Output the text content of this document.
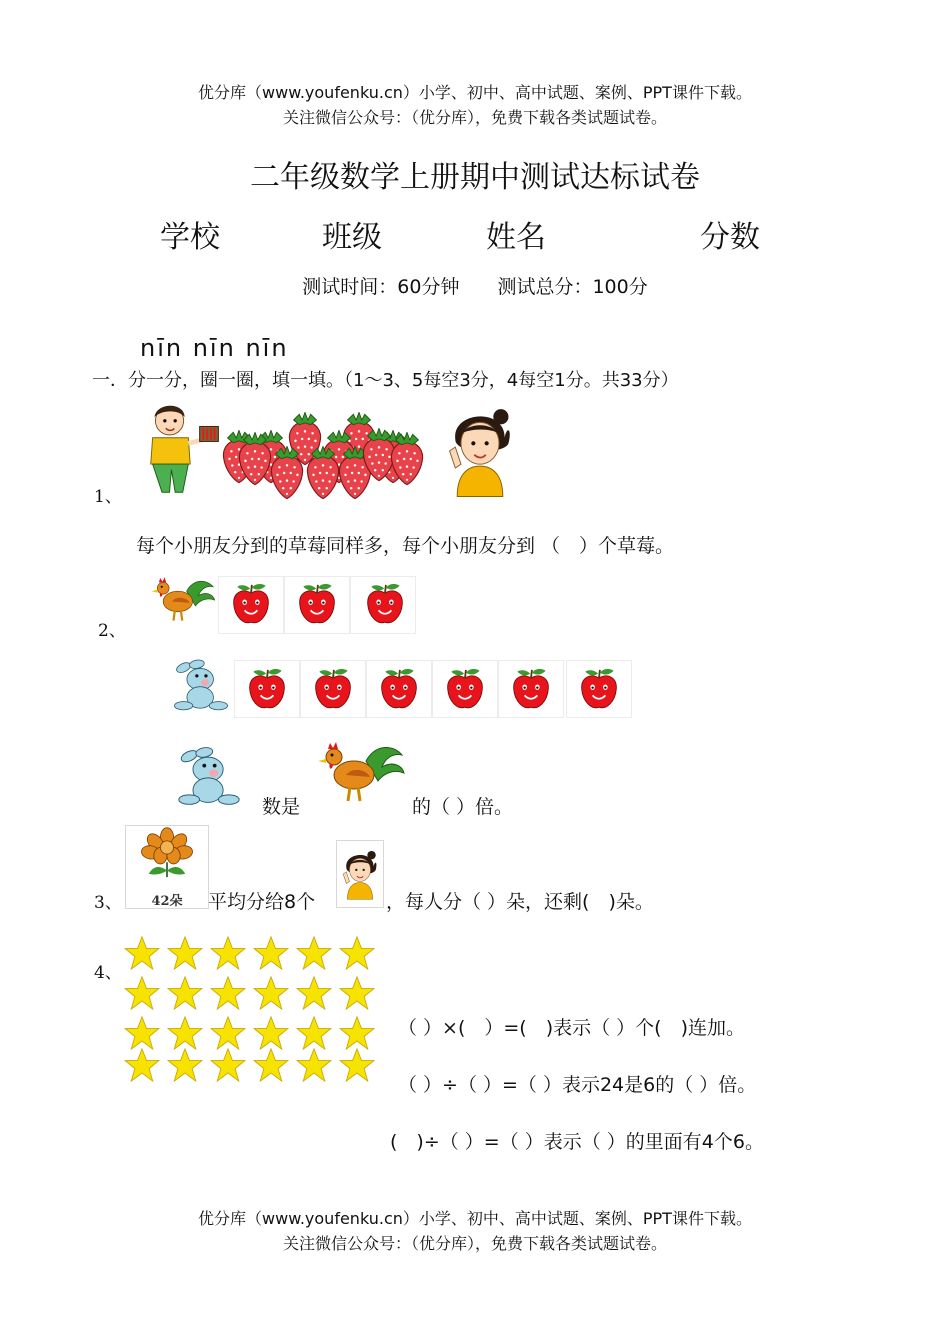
优分库（www.youfenku.cn）小学、初中、高中试题、案例、PPT课件下载。
关注微信公众号：（优分库），免费下载各类试题试卷。
二年级数学上册期中测试达标试卷
学校	班级	姓名	分数
测试时间：60分钟　　测试总分：100分
nīn nīn nīn
一．分一分，圈一圈，填一填。（1～3、5每空3分，4每空1分。共33分）
1、
每个小朋友分到的草莓同样多，每个小朋友分到 （　）个草莓。
2、
数是	的（ ）倍。
3、	42朵	平均分给8个	，每人分（ ）朵，还剩(　)朵。
4、
（ ）×(　）=(　)表示（ ）个(　)连加。
（ ）÷（ ）=（ ）表示24是6的（ ）倍。
(　)÷（ ）=（ ）表示（ ）的里面有4个6。
优分库（www.youfenku.cn）小学、初中、高中试题、案例、PPT课件下载。
关注微信公众号：（优分库），免费下载各类试题试卷。
